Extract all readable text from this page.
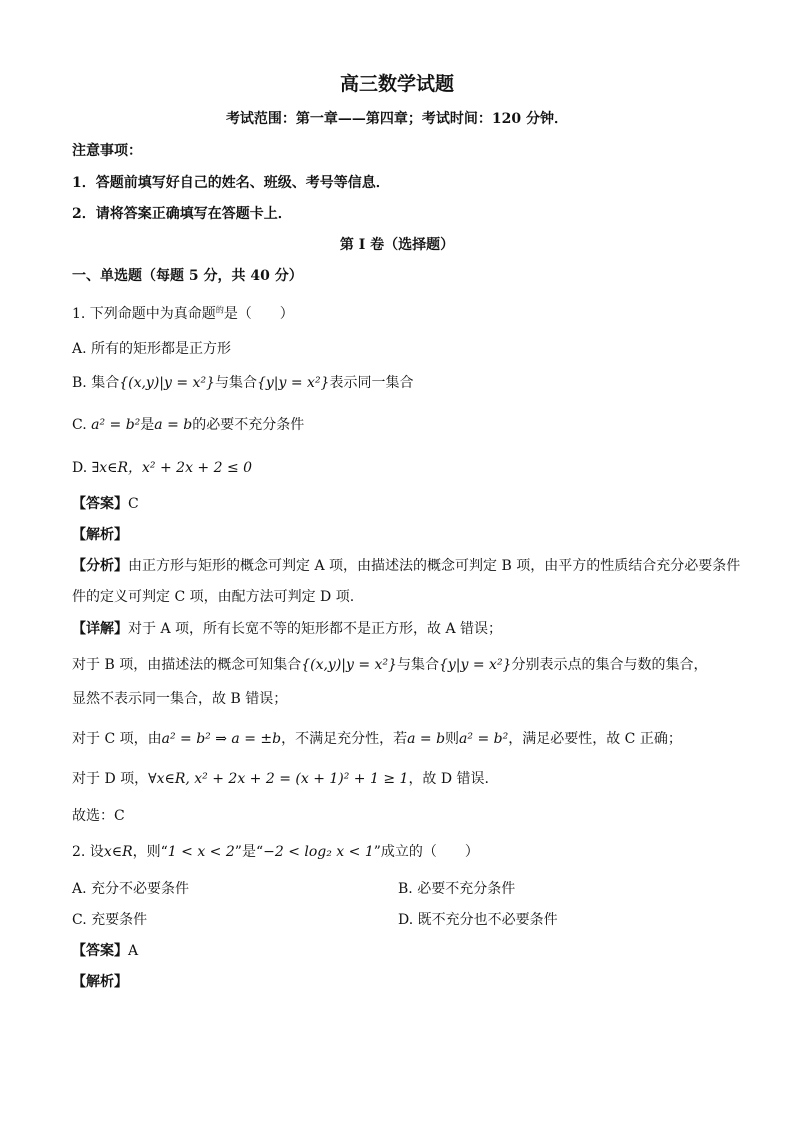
高三数学试题
考试范围：第一章——第四章；考试时间：120 分钟．
注意事项：
1．答题前填写好自己的姓名、班级、考号等信息．
2．请将答案正确填写在答题卡上．
第 I 卷（选择题）
一、单选题（每题 5 分，共 40 分）
1. 下列命题中为真命题$^的$是（　　）
A. 所有的矩形都是正方形
B. 集合{(x,y)|y = x²}与集合{y|y = x²}表示同一集合
C. a² = b²是a = b的必要不充分条件
D. ∃x∈R，x² + 2x + 2 ≤ 0
【答案】C
【解析】
【分析】由正方形与矩形的概念可判定 A 项，由描述法的概念可判定 B 项，由平方的性质结合充分必要条件
件的定义可判定 C 项，由配方法可判定 D 项.
【详解】对于 A 项，所有长宽不等的矩形都不是正方形，故 A 错误；
对于 B 项，由描述法的概念可知集合{(x,y)|y = x²}与集合{y|y = x²}分别表示点的集合与数的集合，
显然不表示同一集合，故 B 错误；
对于 C 项，由a² = b² ⇒ a = ±b，不满足充分性，若a = b则a² = b²，满足必要性，故 C 正确；
对于 D 项，∀x∈R, x² + 2x + 2 = (x + 1)² + 1 ≥ 1，故 D 错误.
故选：C
2. 设x∈R，则“1 < x < 2”是“−2 < log₂ x < 1”成立的（　　）
A. 充分不必要条件	B. 必要不充分条件
C. 充要条件	D. 既不充分也不必要条件
【答案】A
【解析】
